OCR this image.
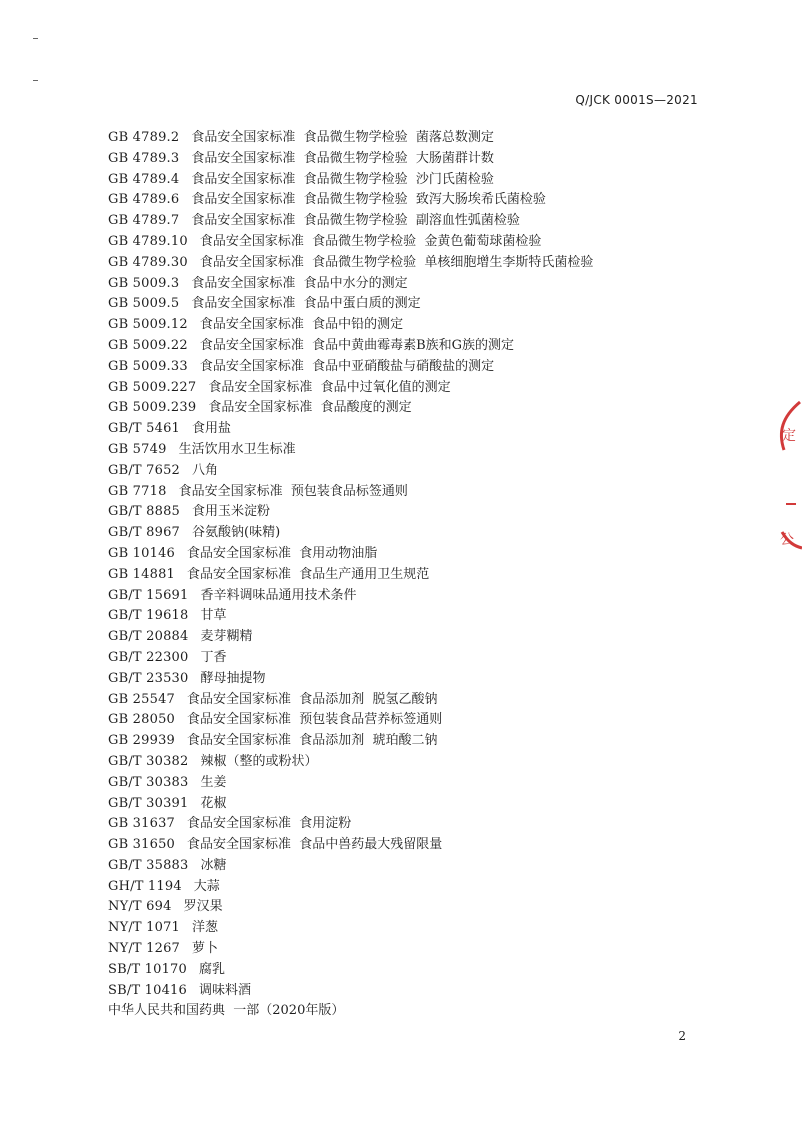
Q/JCK 0001S—2021
GB 4789.2 食品安全国家标准  食品微生物学检验  菌落总数测定
GB 4789.3 食品安全国家标准  食品微生物学检验  大肠菌群计数
GB 4789.4 食品安全国家标准  食品微生物学检验  沙门氏菌检验
GB 4789.6 食品安全国家标准  食品微生物学检验  致泻大肠埃希氏菌检验
GB 4789.7 食品安全国家标准  食品微生物学检验  副溶血性弧菌检验
GB 4789.10 食品安全国家标准  食品微生物学检验  金黄色葡萄球菌检验
GB 4789.30 食品安全国家标准  食品微生物学检验  单核细胞增生李斯特氏菌检验
GB 5009.3 食品安全国家标准  食品中水分的测定
GB 5009.5 食品安全国家标准  食品中蛋白质的测定
GB 5009.12 食品安全国家标准  食品中铅的测定
GB 5009.22 食品安全国家标准  食品中黄曲霉毒素B族和G族的测定
GB 5009.33 食品安全国家标准  食品中亚硝酸盐与硝酸盐的测定
GB 5009.227 食品安全国家标准  食品中过氧化值的测定
GB 5009.239 食品安全国家标准  食品酸度的测定
GB/T 5461 食用盐
GB 5749 生活饮用水卫生标准
GB/T 7652 八角
GB 7718 食品安全国家标准  预包装食品标签通则
GB/T 8885 食用玉米淀粉
GB/T 8967 谷氨酸钠(味精)
GB 10146 食品安全国家标准  食用动物油脂
GB 14881 食品安全国家标准  食品生产通用卫生规范
GB/T 15691 香辛料调味品通用技术条件
GB/T 19618 甘草
GB/T 20884 麦芽糊精
GB/T 22300 丁香
GB/T 23530 酵母抽提物
GB 25547 食品安全国家标准  食品添加剂  脱氢乙酸钠
GB 28050 食品安全国家标准  预包装食品营养标签通则
GB 29939 食品安全国家标准  食品添加剂  琥珀酸二钠
GB/T 30382 辣椒（整的或粉状）
GB/T 30383 生姜
GB/T 30391 花椒
GB 31637 食品安全国家标准  食用淀粉
GB 31650 食品安全国家标准  食品中兽药最大残留限量
GB/T 35883 冰糖
GH/T 1194 大蒜
NY/T 694 罗汉果
NY/T 1071 洋葱
NY/T 1267 萝卜
SB/T 10170 腐乳
SB/T 10416 调味料酒
中华人民共和国药典  一部（2020年版）
定
公
2
